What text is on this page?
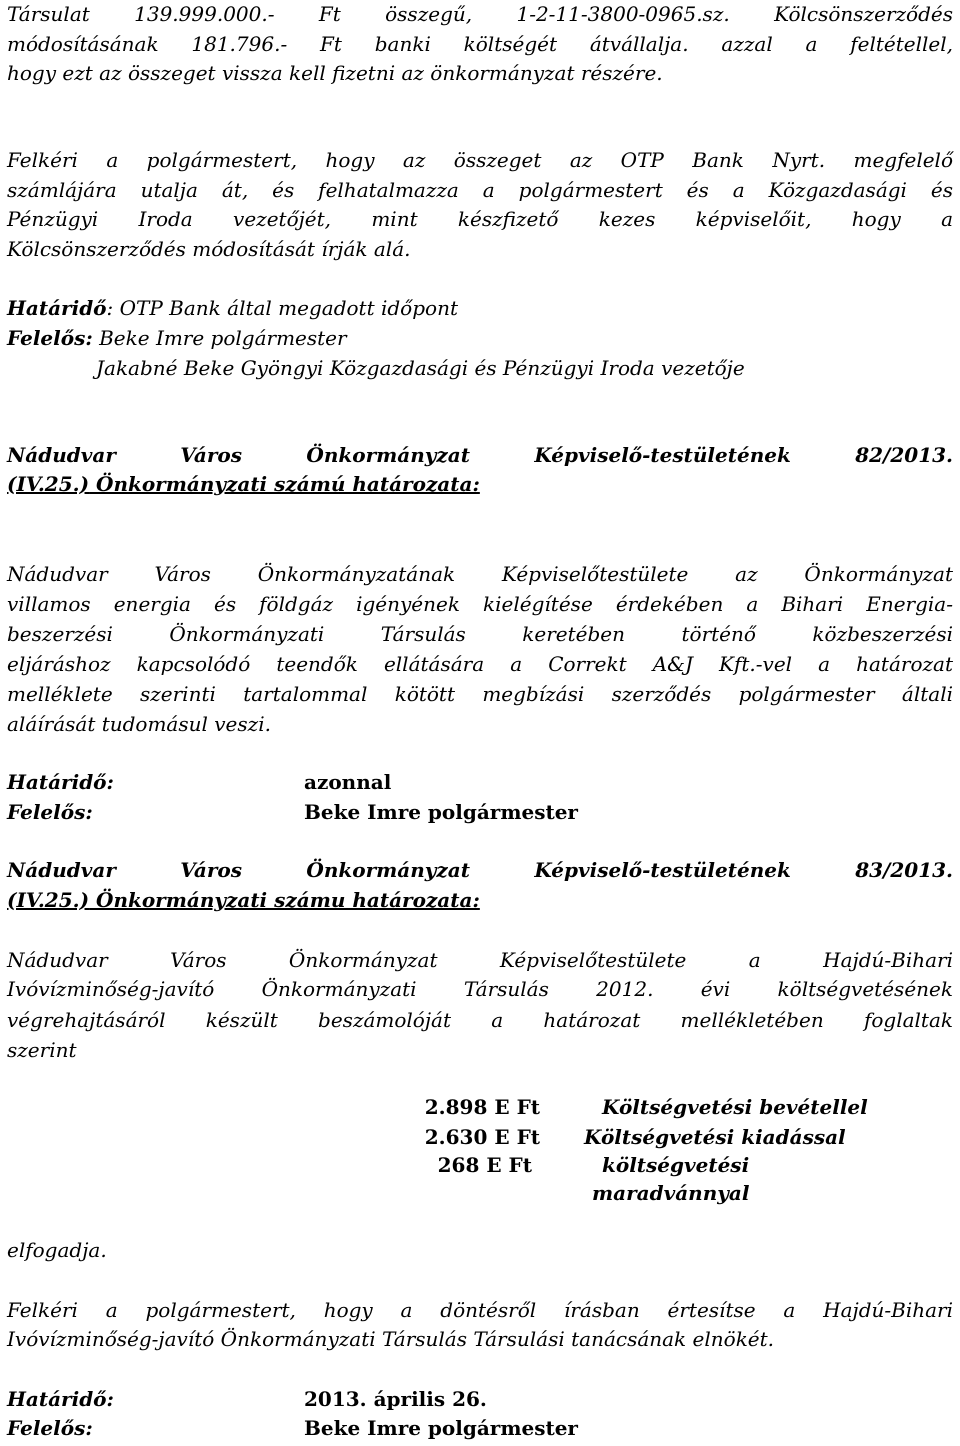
Társulat 139.999.000.- Ft összegű, 1-2-11-3800-0965.sz. Kölcsönszerződés
módosításának 181.796.- Ft banki költségét átvállalja. azzal a feltétellel,
hogy ezt az összeget vissza kell fizetni az önkormányzat részére.
Felkéri a polgármestert, hogy az összeget az OTP Bank Nyrt. megfelelő
számlájára utalja át, és felhatalmazza a polgármestert és a Közgazdasági és
Pénzügyi Iroda vezetőjét, mint készfizető kezes képviselőit, hogy a
Kölcsönszerződés módosítását írják alá.
Határidő: OTP Bank által megadott időpont
Felelős: Beke Imre polgármester
Jakabné Beke Gyöngyi Közgazdasági és Pénzügyi Iroda vezetője
Nádudvar Város Önkormányzat Képviselő-testületének 82/2013.
(IV.25.) Önkormányzati számú határozata:
Nádudvar Város Önkormányzatának Képviselőtestülete az Önkormányzat
villamos energia és földgáz igényének kielégítése érdekében a Bihari Energia-
beszerzési Önkormányzati Társulás keretében történő közbeszerzési
eljáráshoz kapcsolódó teendők ellátására a Correkt A&J Kft.-vel a határozat
melléklete szerinti tartalommal kötött megbízási szerződés polgármester általi
aláírását tudomásul veszi.
Határidő:	azonnal
Felelős:	Beke Imre polgármester
Nádudvar Város Önkormányzat Képviselő-testületének 83/2013.
(IV.25.) Önkormányzati számu határozata:
Nádudvar Város Önkormányzat Képviselőtestülete a Hajdú-Bihari
Ivóvízminőség-javító Önkormányzati Társulás 2012. évi költségvetésének
végrehajtásáról készült beszámolóját a határozat mellékletében foglaltak
szerint
2.898 E Ft	Költségvetési bevétellel
2.630 E Ft Költségvetési kiadással
268 E Ft	költségvetési
maradvánnyal
elfogadja.
Felkéri a polgármestert, hogy a döntésről írásban értesítse a Hajdú-Bihari
Ivóvízminőség-javító Önkormányzati Társulás Társulási tanácsának elnökét.
Határidő:	2013. április 26.
Felelős:	Beke Imre polgármester
